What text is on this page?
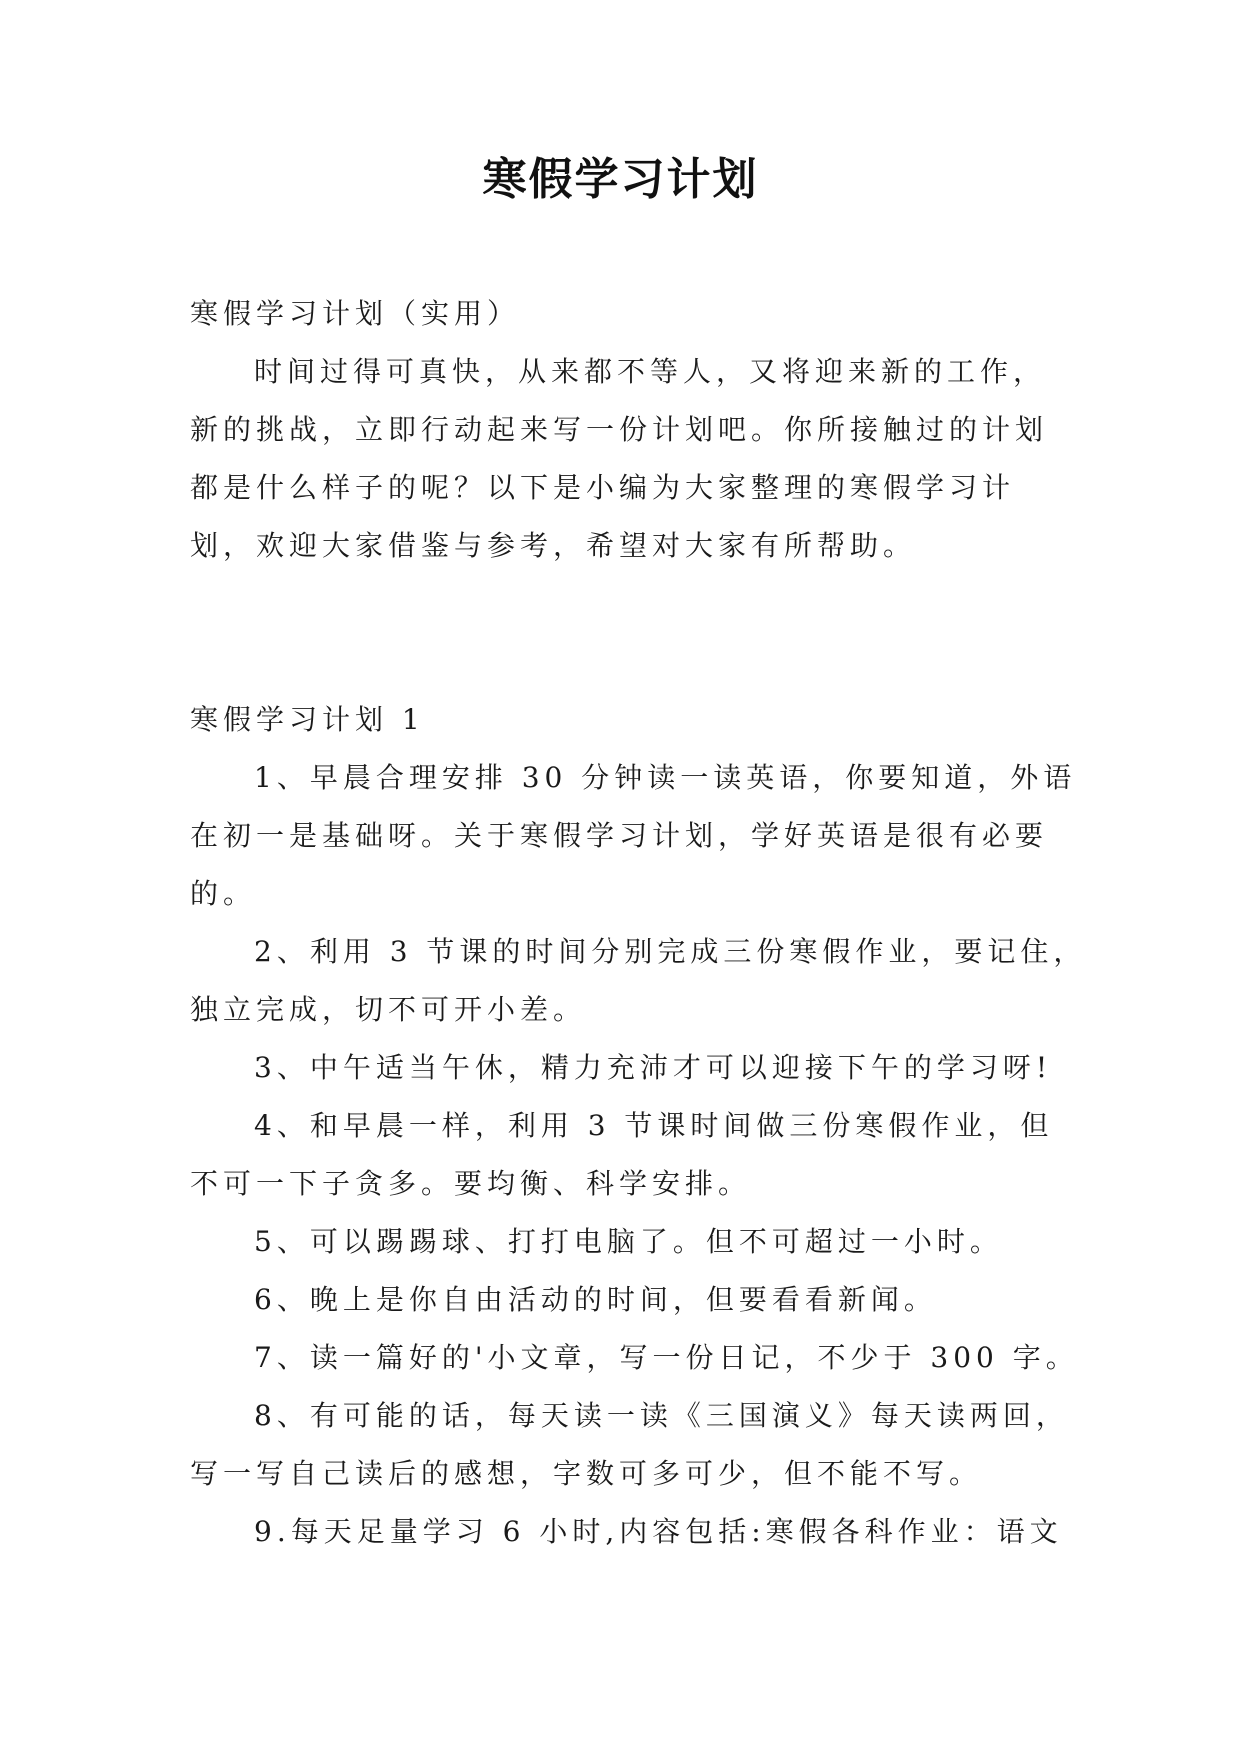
寒假学习计划
寒假学习计划（实用）
时间过得可真快，从来都不等人，又将迎来新的工作，
新的挑战，立即行动起来写一份计划吧。你所接触过的计划
都是什么样子的呢？以下是小编为大家整理的寒假学习计
划，欢迎大家借鉴与参考，希望对大家有所帮助。
寒假学习计划 1
1、早晨合理安排 30 分钟读一读英语，你要知道，外语
在初一是基础呀。关于寒假学习计划，学好英语是很有必要
的。
2、利用 3 节课的时间分别完成三份寒假作业，要记住，
独立完成，切不可开小差。
3、中午适当午休，精力充沛才可以迎接下午的学习呀!
4、和早晨一样，利用 3 节课时间做三份寒假作业，但
不可一下子贪多。要均衡、科学安排。
5、可以踢踢球、打打电脑了。但不可超过一小时。
6、晚上是你自由活动的时间，但要看看新闻。
7、读一篇好的'小文章，写一份日记，不少于 300 字。
8、有可能的话，每天读一读《三国演义》每天读两回，
写一写自己读后的感想，字数可多可少，但不能不写。
9.每天足量学习 6 小时,内容包括:寒假各科作业：语文
